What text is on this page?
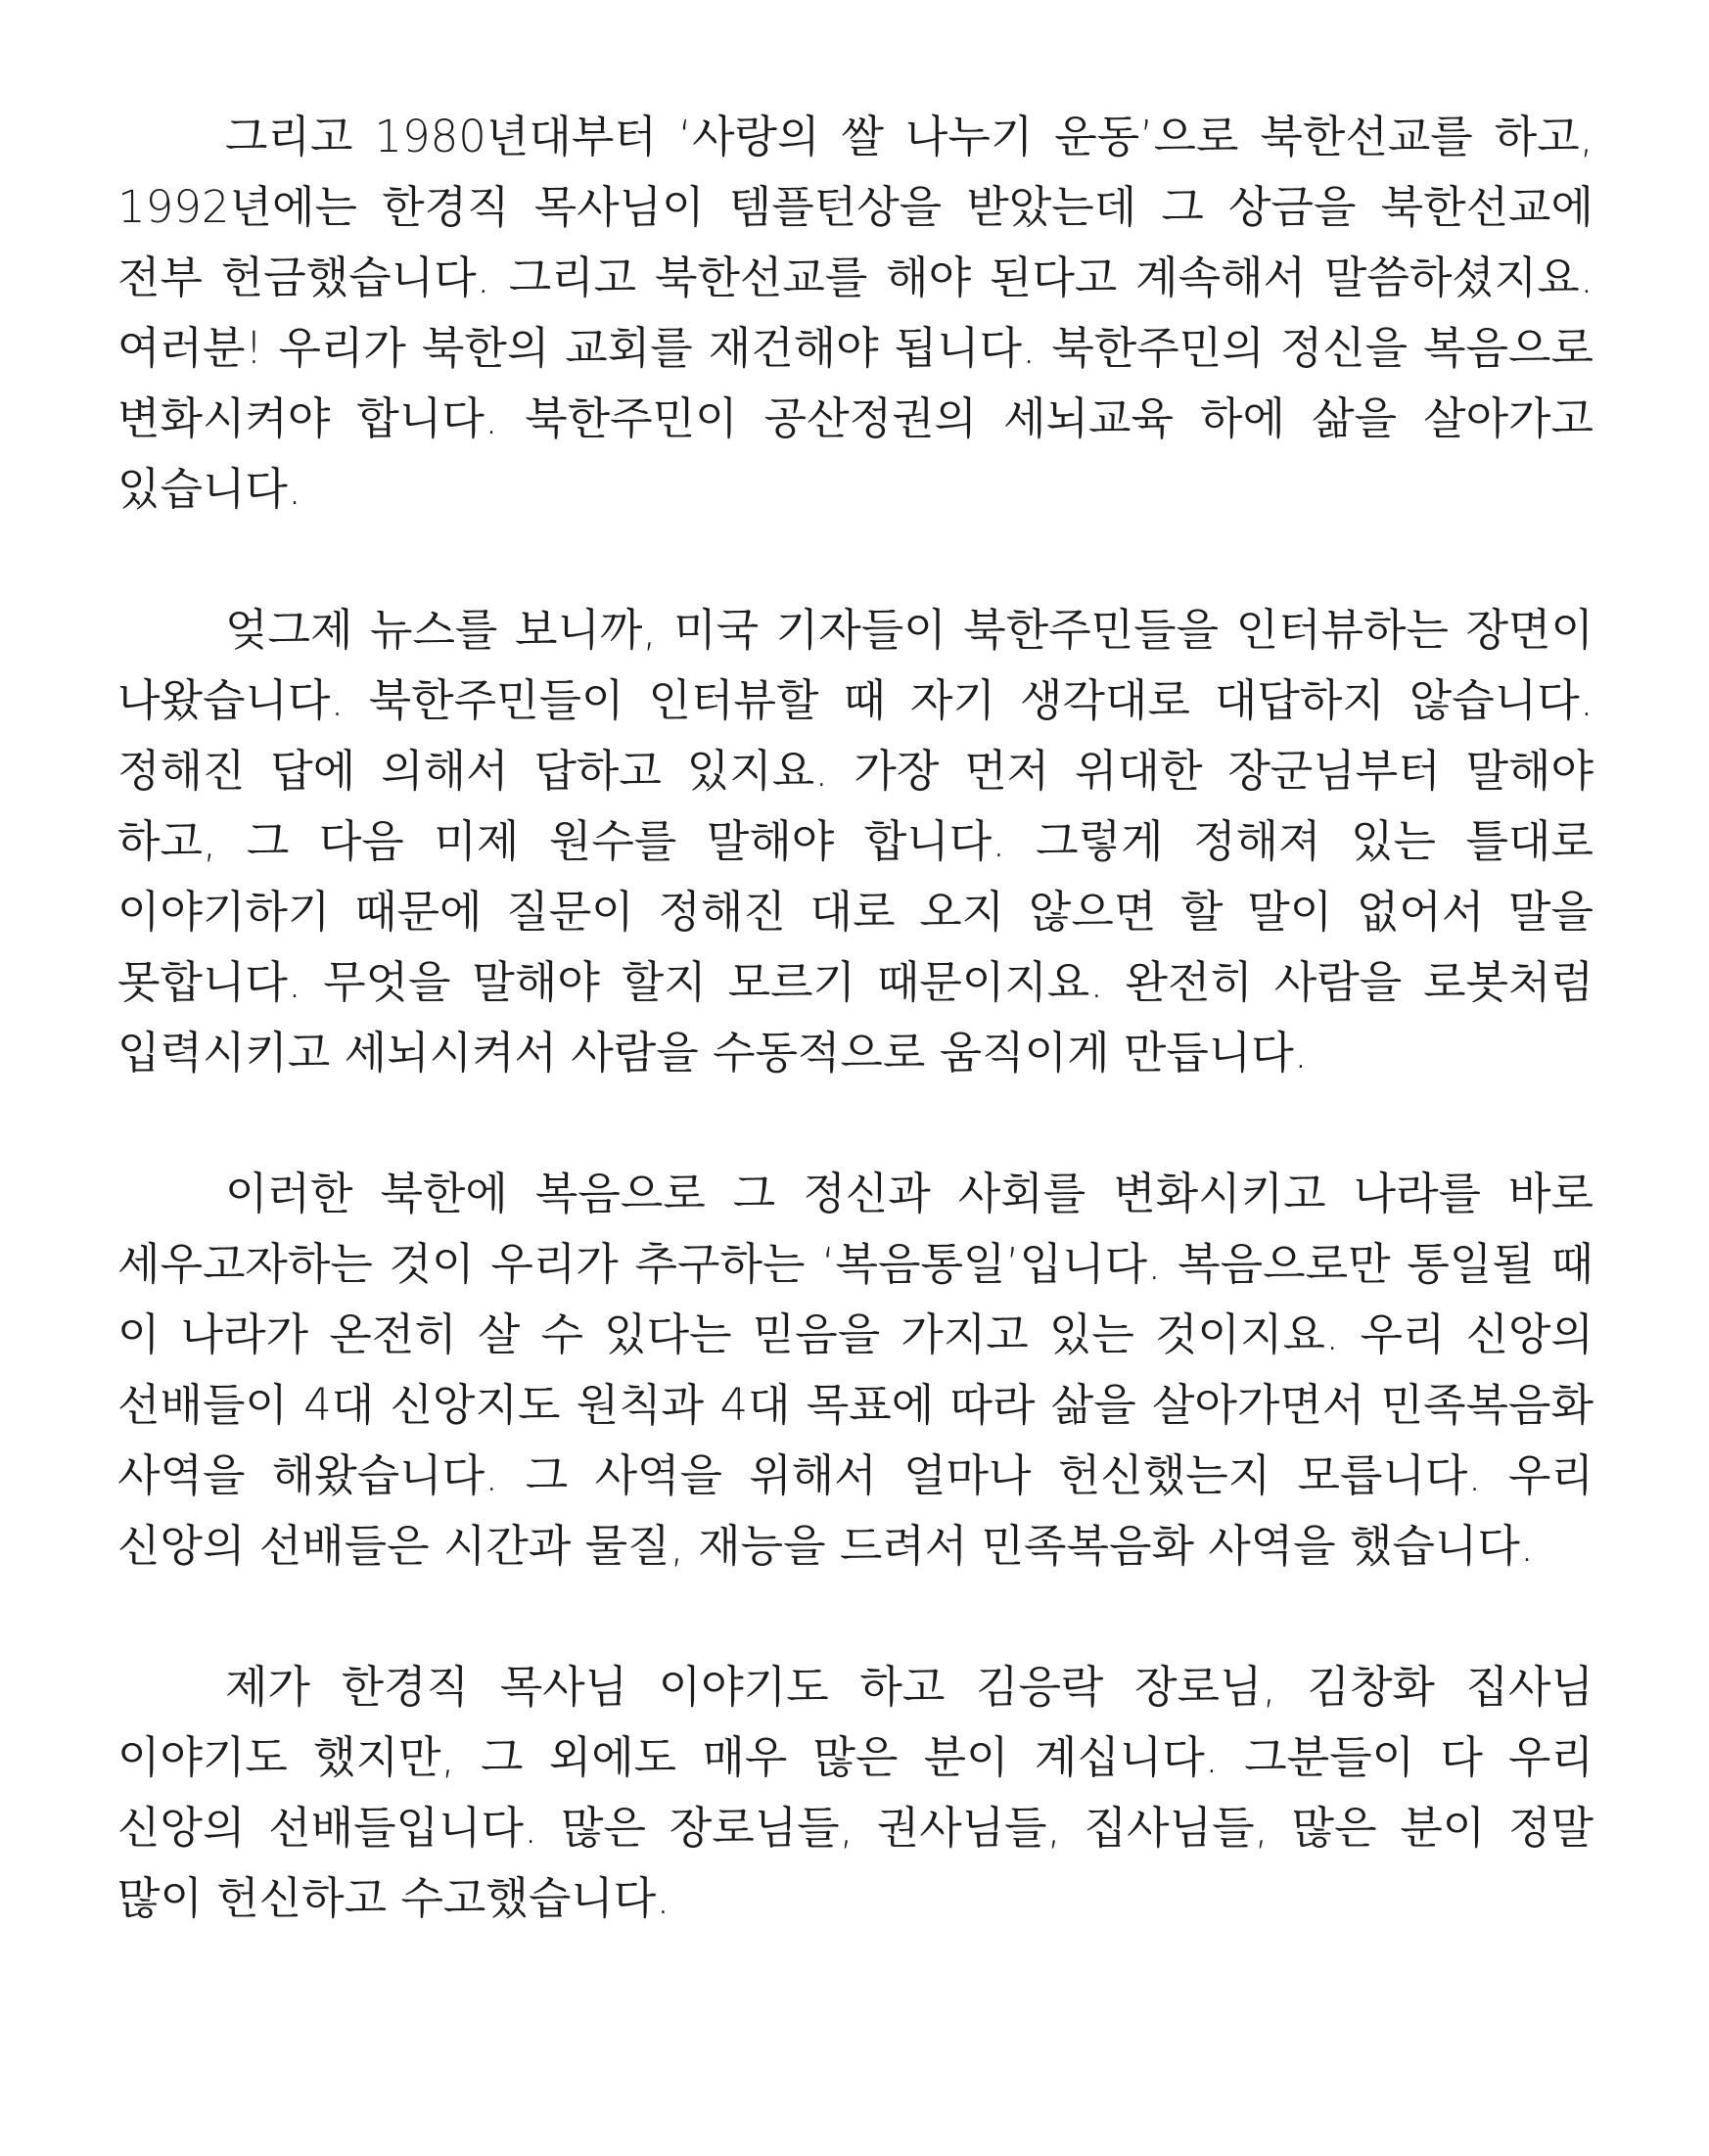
그리고 1980년대부터 ‘사랑의 쌀 나누기 운동’으로 북한선교를 하고, 1992년에는 한경직 목사님이 템플턴상을 받았는데 그 상금을 북한선교에 전부 헌금했습니다. 그리고 북한선교를 해야 된다고 계속해서 말씀하셨지요. 여러분! 우리가 북한의 교회를 재건해야 됩니다. 북한주민의 정신을 복음으로 변화시켜야 합니다. 북한주민이 공산정권의 세뇌교육 하에 삶을 살아가고 있습니다.

엊그제 뉴스를 보니까, 미국 기자들이 북한주민들을 인터뷰하는 장면이 나왔습니다. 북한주민들이 인터뷰할 때 자기 생각대로 대답하지 않습니다. 정해진 답에 의해서 답하고 있지요. 가장 먼저 위대한 장군님부터 말해야 하고, 그 다음 미제 원수를 말해야 합니다. 그렇게 정해져 있는 틀대로 이야기하기 때문에 질문이 정해진 대로 오지 않으면 할 말이 없어서 말을 못합니다. 무엇을 말해야 할지 모르기 때문이지요. 완전히 사람을 로봇처럼 입력시키고 세뇌시켜서 사람을 수동적으로 움직이게 만듭니다.

이러한 북한에 복음으로 그 정신과 사회를 변화시키고 나라를 바로 세우고자하는 것이 우리가 추구하는 ‘복음통일’입니다. 복음으로만 통일될 때 이 나라가 온전히 살 수 있다는 믿음을 가지고 있는 것이지요. 우리 신앙의 선배들이 4대 신앙지도 원칙과 4대 목표에 따라 삶을 살아가면서 민족복음화 사역을 해왔습니다. 그 사역을 위해서 얼마나 헌신했는지 모릅니다. 우리 신앙의 선배들은 시간과 물질, 재능을 드려서 민족복음화 사역을 했습니다.

제가 한경직 목사님 이야기도 하고 김응락 장로님, 김창화 집사님 이야기도 했지만, 그 외에도 매우 많은 분이 계십니다. 그분들이 다 우리 신앙의 선배들입니다. 많은 장로님들, 권사님들, 집사님들, 많은 분이 정말 많이 헌신하고 수고했습니다.
